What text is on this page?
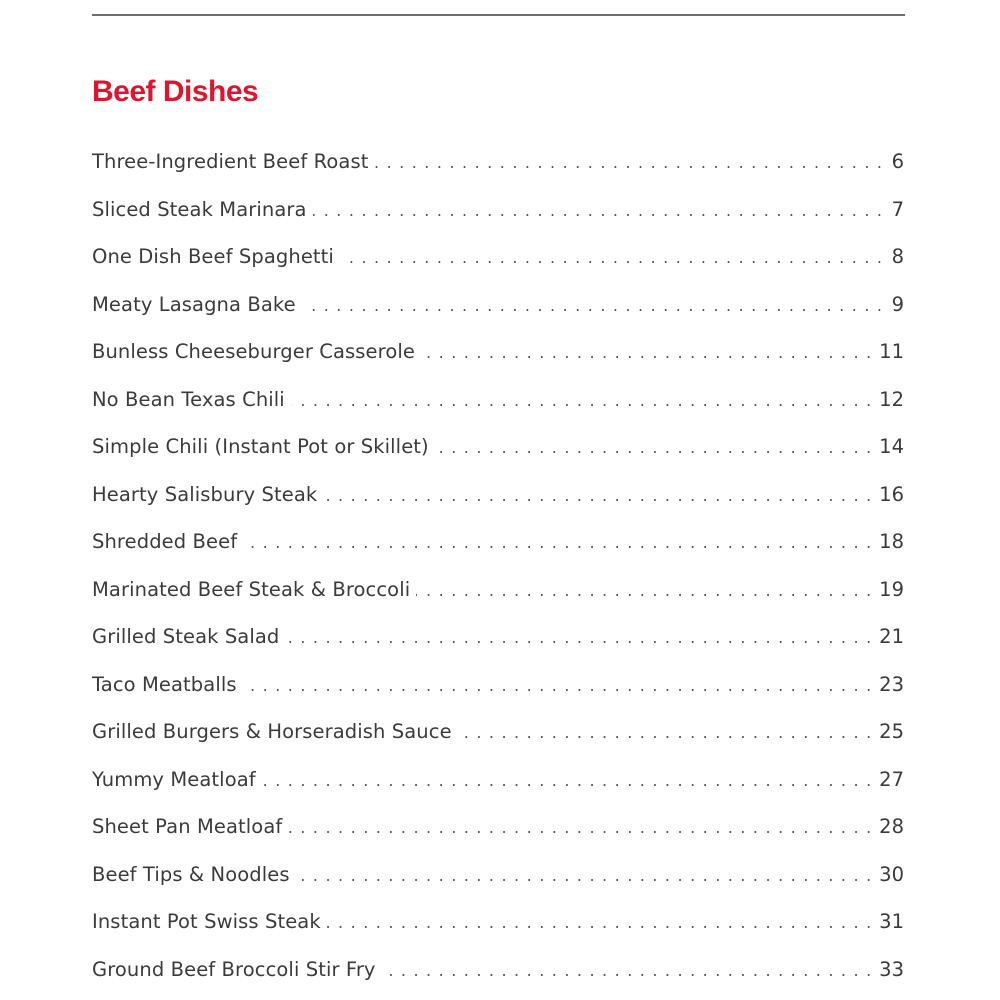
Beef Dishes
Three-Ingredient Beef Roast . . .	6
Sliced Steak Marinara . . .	7
One Dish Beef Spaghetti . . .	8
Meaty Lasagna Bake . . .	9
Bunless Cheeseburger Casserole . . .	11
No Bean Texas Chili . . .	12
Simple Chili (Instant Pot or Skillet) . . .	14
Hearty Salisbury Steak . . .	16
Shredded Beef . . .	18
Marinated Beef Steak & Broccoli . . .	19
Grilled Steak Salad . . .	21
Taco Meatballs . . .	23
Grilled Burgers & Horseradish Sauce . . .	25
Yummy Meatloaf . . .	27
Sheet Pan Meatloaf . . .	28
Beef Tips & Noodles . . .	30
Instant Pot Swiss Steak . . .	31
Ground Beef Broccoli Stir Fry . . .	33
